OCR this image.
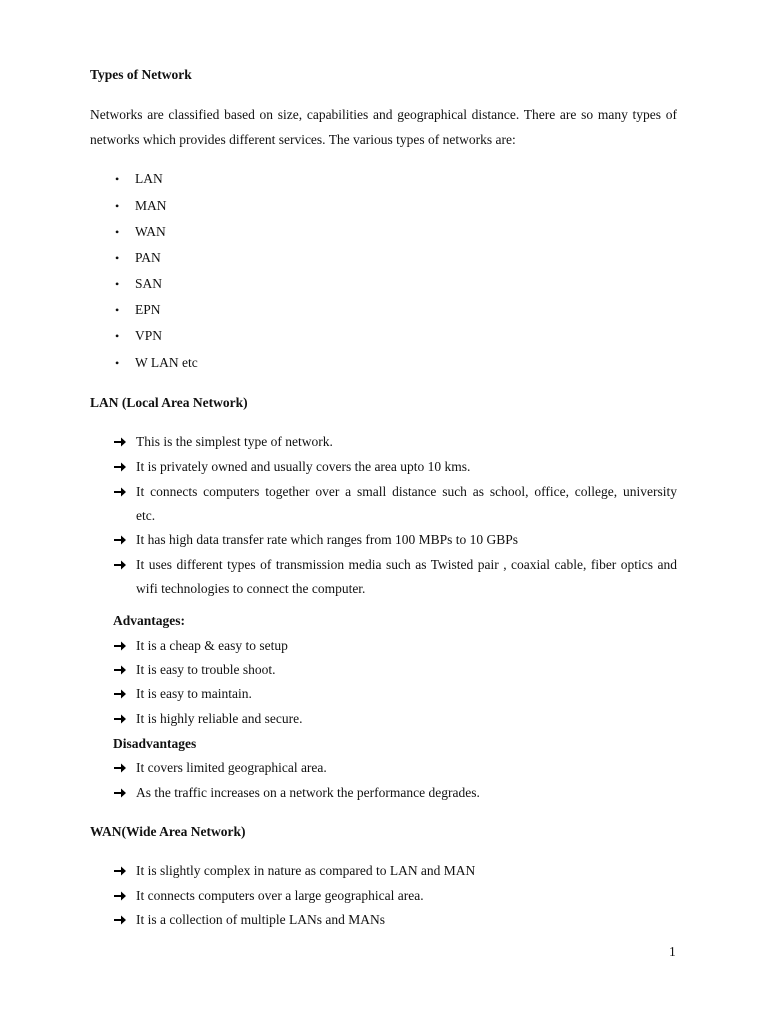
Types of Network
Networks are classified based on size, capabilities and geographical distance. There are so many types of
networks which provides different services. The various types of networks are:
• LAN
• MAN
• WAN
• PAN
• SAN
• EPN
• VPN
• W LAN etc
LAN (Local Area Network)
This is the simplest type of network.
It is privately owned and usually covers the area upto 10 kms.
It connects computers together over a small distance such as school, office, college, university
etc.
It has high data transfer rate which ranges from 100 MBPs to 10 GBPs
It uses different types of transmission media such as Twisted pair , coaxial cable, fiber optics and
wifi technologies to connect the computer.
Advantages:
It is a cheap & easy to setup
It is easy to trouble shoot.
It is easy to maintain.
It is highly reliable and secure.
Disadvantages
It covers limited geographical area.
As the traffic increases on a network the performance degrades.
WAN(Wide Area Network)
It is slightly complex in nature as compared to LAN and MAN
It connects computers over a large geographical area.
It is a collection of multiple LANs and MANs
1
